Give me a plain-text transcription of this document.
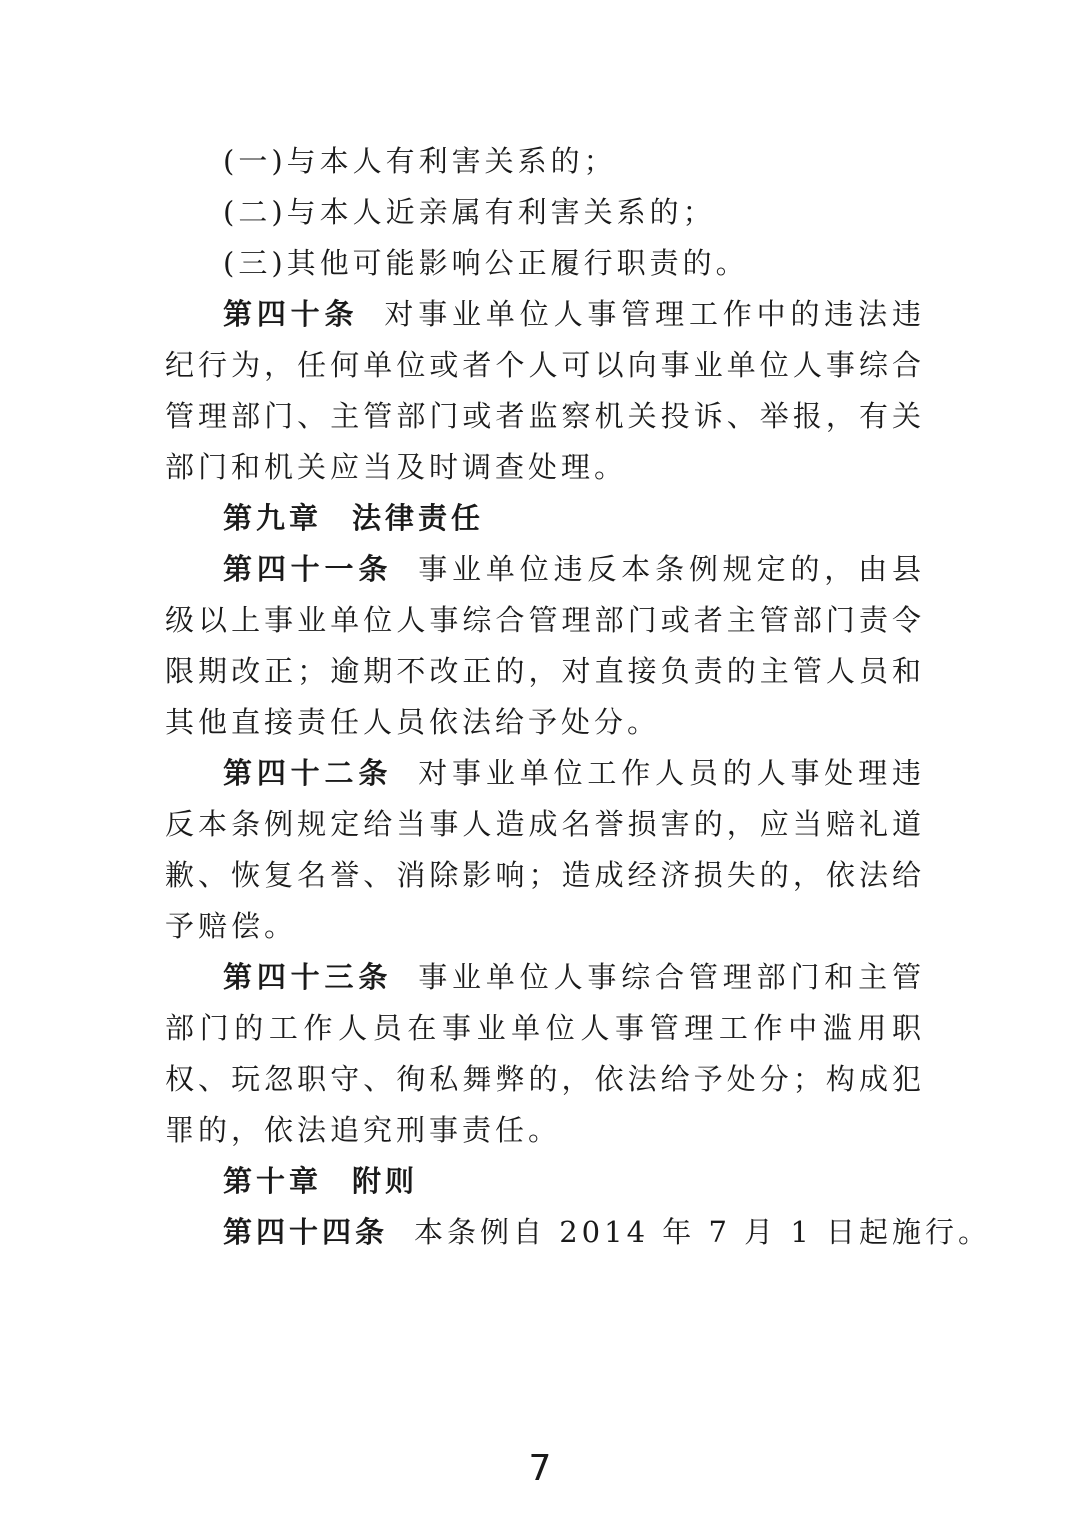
(一)与本人有利害关系的；

(二)与本人近亲属有利害关系的；

(三)其他可能影响公正履行职责的。

第四十条 对事业单位人事管理工作中的违法违纪行为，任何单位或者个人可以向事业单位人事综合管理部门、主管部门或者监察机关投诉、举报，有关部门和机关应当及时调查处理。

第九章 法律责任

第四十一条 事业单位违反本条例规定的，由县级以上事业单位人事综合管理部门或者主管部门责令限期改正；逾期不改正的，对直接负责的主管人员和其他直接责任人员依法给予处分。

第四十二条 对事业单位工作人员的人事处理违反本条例规定给当事人造成名誉损害的，应当赔礼道歉、恢复名誉、消除影响；造成经济损失的，依法给予赔偿。

第四十三条 事业单位人事综合管理部门和主管部门的工作人员在事业单位人事管理工作中滥用职权、玩忽职守、徇私舞弊的，依法给予处分；构成犯罪的，依法追究刑事责任。

第十章 附则

第四十四条 本条例自 2014 年 7 月 1 日起施行。

7
